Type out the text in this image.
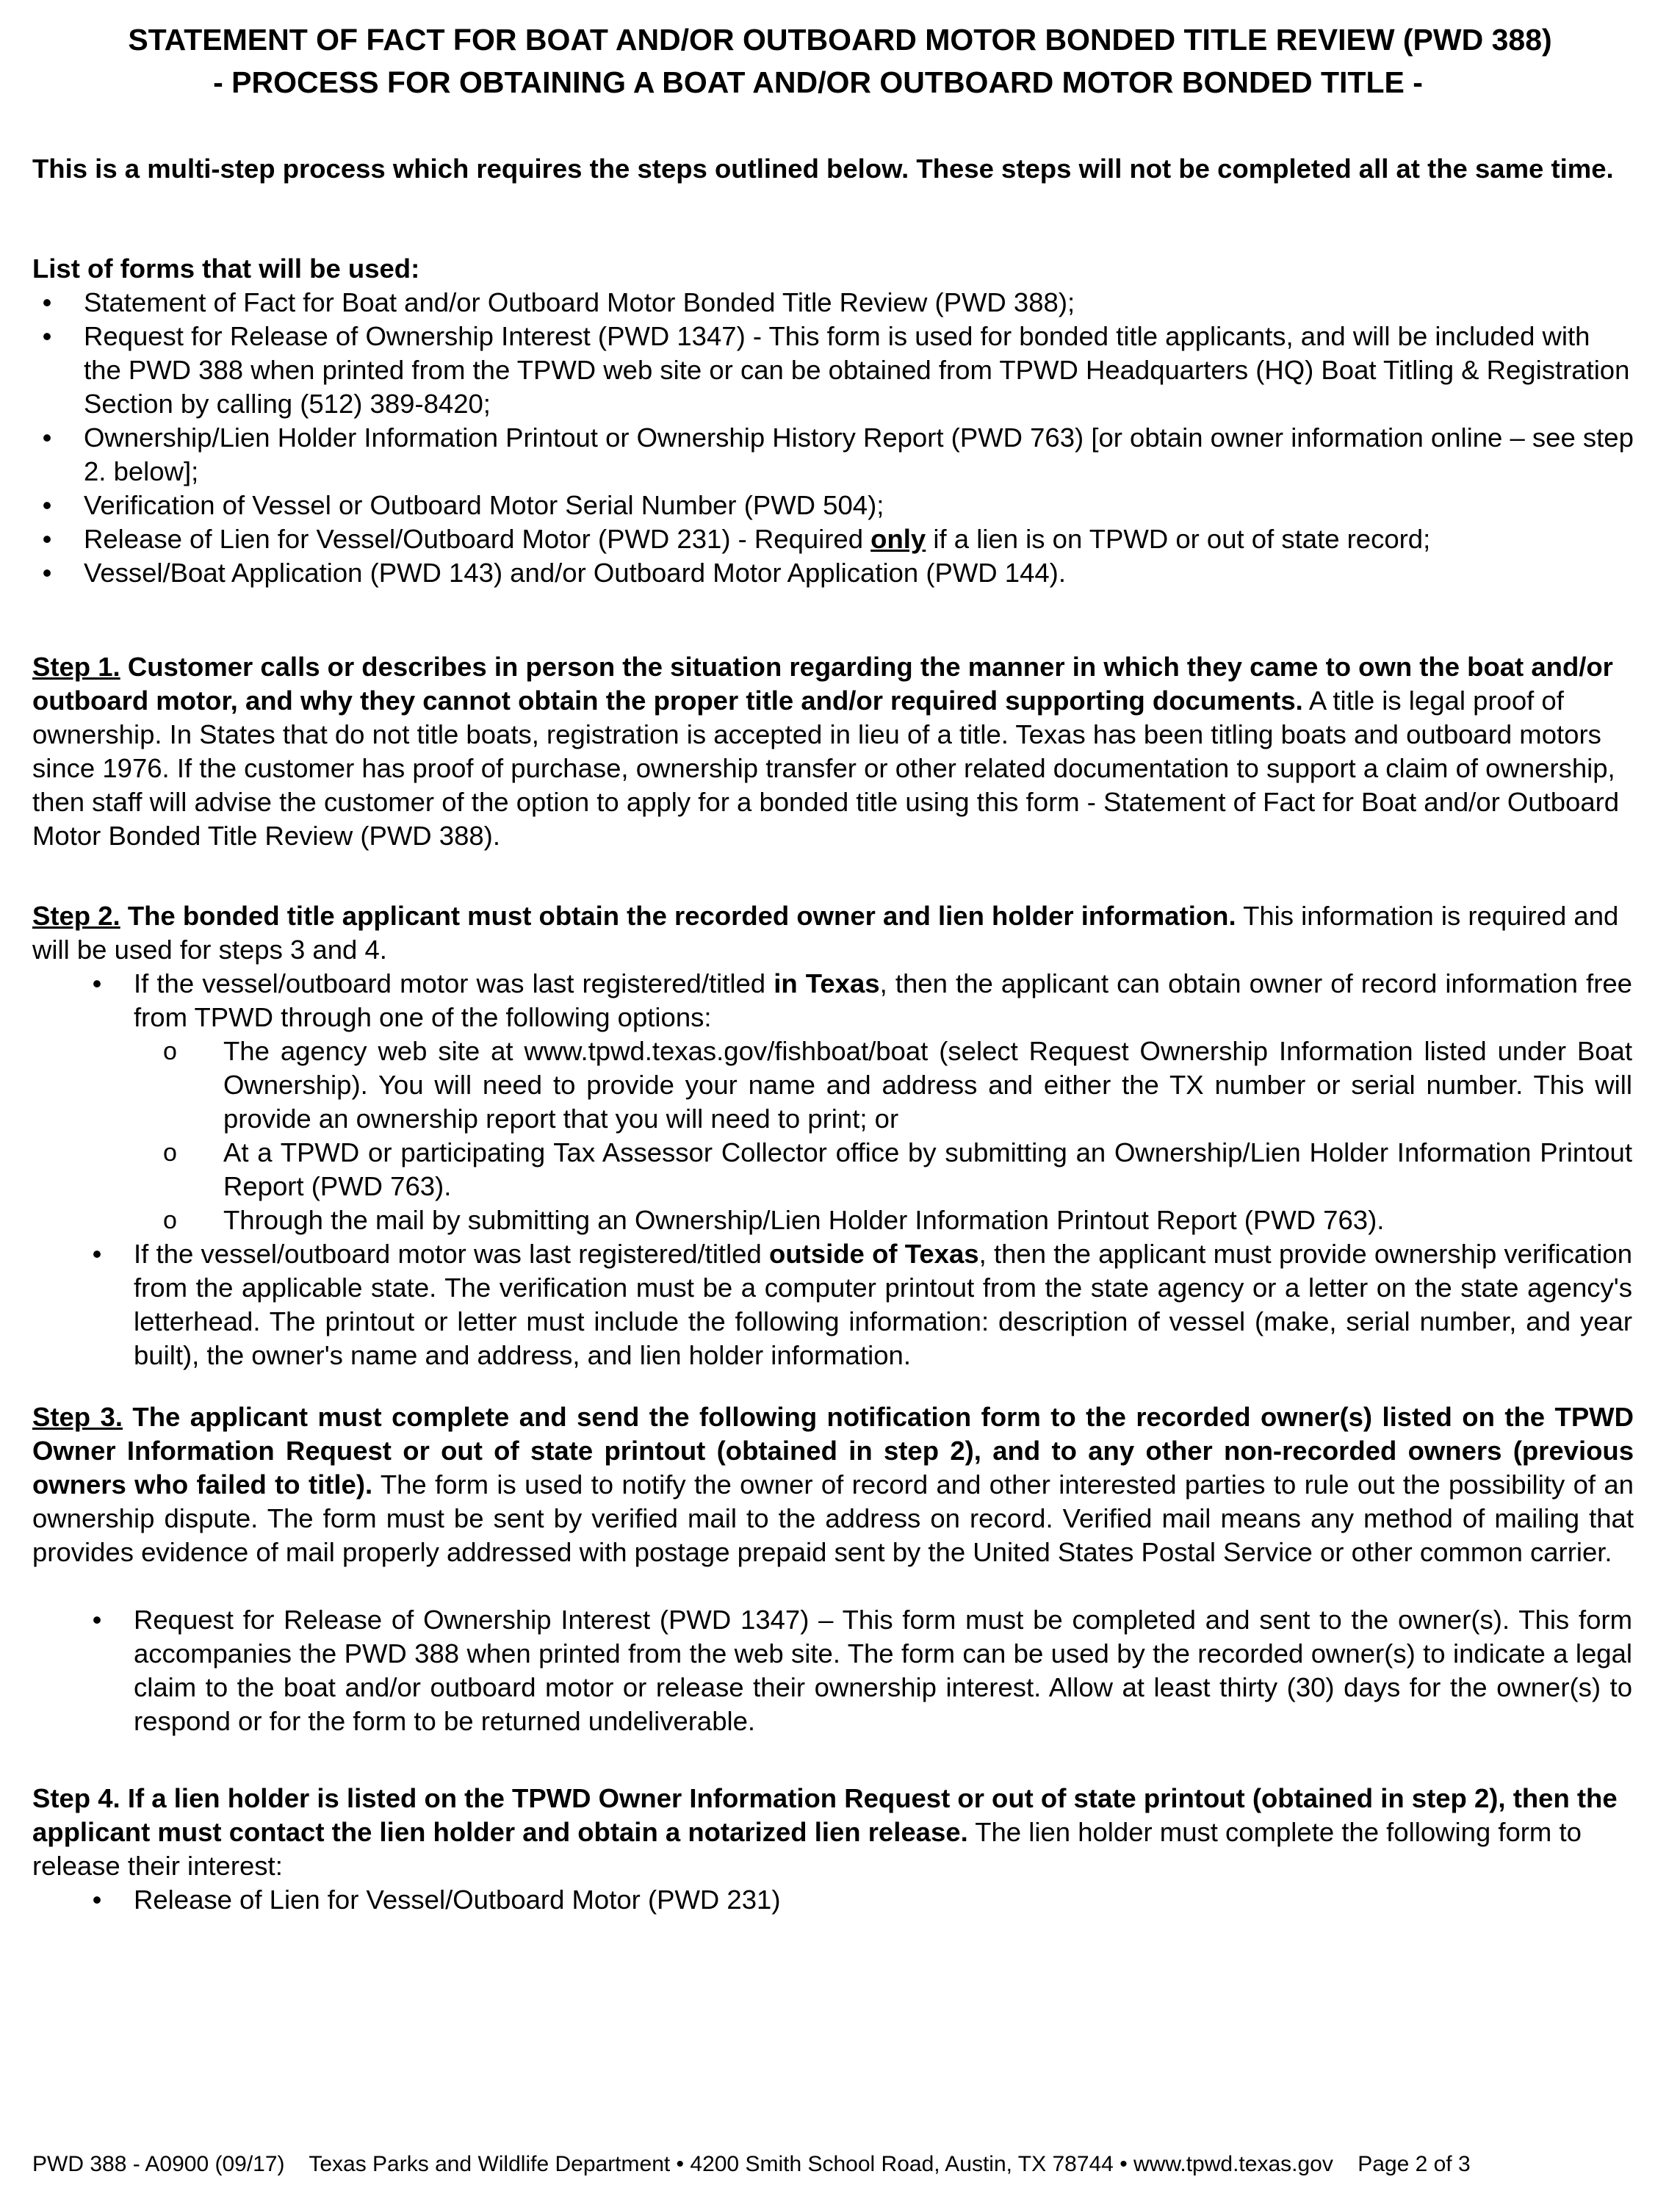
STATEMENT OF FACT FOR BOAT AND/OR OUTBOARD MOTOR BONDED TITLE REVIEW (PWD 388)
- PROCESS FOR OBTAINING A BOAT AND/OR OUTBOARD MOTOR BONDED TITLE -
This is a multi-step process which requires the steps outlined below. These steps will not be completed all at the same time.
List of forms that will be used:
•	Statement of Fact for Boat and/or Outboard Motor Bonded Title Review (PWD 388);
•	Request for Release of Ownership Interest (PWD 1347) - This form is used for bonded title applicants, and will be included with the PWD 388 when printed from the TPWD web site or can be obtained from TPWD Headquarters (HQ) Boat Titling & Registration Section by calling (512) 389-8420;
•	Ownership/Lien Holder Information Printout or Ownership History Report (PWD 763) [or obtain owner information online – see step 2. below];
•	Verification of Vessel or Outboard Motor Serial Number (PWD 504);
•	Release of Lien for Vessel/Outboard Motor (PWD 231) - Required only if a lien is on TPWD or out of state record;
•	Vessel/Boat Application (PWD 143) and/or Outboard Motor Application (PWD 144).
Step 1. Customer calls or describes in person the situation regarding the manner in which they came to own the boat and/or outboard motor, and why they cannot obtain the proper title and/or required supporting documents. A title is legal proof of ownership. In States that do not title boats, registration is accepted in lieu of a title. Texas has been titling boats and outboard motors since 1976. If the customer has proof of purchase, ownership transfer or other related documentation to support a claim of ownership, then staff will advise the customer of the option to apply for a bonded title using this form - Statement of Fact for Boat and/or Outboard Motor Bonded Title Review (PWD 388).
Step 2. The bonded title applicant must obtain the recorded owner and lien holder information. This information is required and will be used for steps 3 and 4.
•	If the vessel/outboard motor was last registered/titled in Texas, then the applicant can obtain owner of record information free from TPWD through one of the following options:
o The agency web site at www.tpwd.texas.gov/fishboat/boat (select Request Ownership Information listed under Boat Ownership). You will need to provide your name and address and either the TX number or serial number. This will provide an ownership report that you will need to print; or
o At a TPWD or participating Tax Assessor Collector office by submitting an Ownership/Lien Holder Information Printout Report (PWD 763).
o Through the mail by submitting an Ownership/Lien Holder Information Printout Report (PWD 763).
•	If the vessel/outboard motor was last registered/titled outside of Texas, then the applicant must provide ownership verification from the applicable state. The verification must be a computer printout from the state agency or a letter on the state agency's letterhead. The printout or letter must include the following information: description of vessel (make, serial number, and year built), the owner's name and address, and lien holder information.
Step 3. The applicant must complete and send the following notification form to the recorded owner(s) listed on the TPWD Owner Information Request or out of state printout (obtained in step 2), and to any other non-recorded owners (previous owners who failed to title). The form is used to notify the owner of record and other interested parties to rule out the possibility of an ownership dispute. The form must be sent by verified mail to the address on record. Verified mail means any method of mailing that provides evidence of mail properly addressed with postage prepaid sent by the United States Postal Service or other common carrier.
•	Request for Release of Ownership Interest (PWD 1347) – This form must be completed and sent to the owner(s). This form accompanies the PWD 388 when printed from the web site. The form can be used by the recorded owner(s) to indicate a legal claim to the boat and/or outboard motor or release their ownership interest. Allow at least thirty (30) days for the owner(s) to respond or for the form to be returned undeliverable.
Step 4. If a lien holder is listed on the TPWD Owner Information Request or out of state printout (obtained in step 2), then the applicant must contact the lien holder and obtain a notarized lien release. The lien holder must complete the following form to release their interest:
•	Release of Lien for Vessel/Outboard Motor (PWD 231)
PWD 388 - A0900 (09/17) Texas Parks and Wildlife Department • 4200 Smith School Road, Austin, TX 78744 • www.tpwd.texas.gov Page 2 of 3
